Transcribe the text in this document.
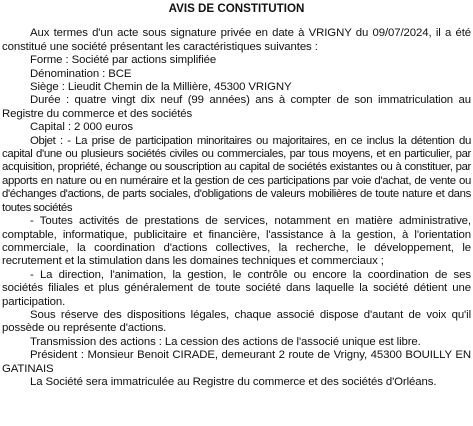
AVIS DE CONSTITUTION

Aux termes d'un acte sous signature privée en date à VRIGNY du 09/07/2024, il a été constitué une société présentant les caractéristiques suivantes :

Forme : Société par actions simplifiée

Dénomination : BCE

Siège : Lieudit Chemin de la Millière, 45300 VRIGNY

Durée : quatre vingt dix neuf (99 années) ans à compter de son immatriculation au Registre du commerce et des sociétés

Capital : 2 000 euros

Objet : - La prise de participation minoritaires ou majoritaires, en ce inclus la détention du capital d'une ou plusieurs sociétés civiles ou commerciales, par tous moyens, et en particulier, par acquisition, propriété, échange ou souscription au capital de sociétés existantes ou à constituer, par apports en nature ou en numéraire et la gestion de ces participations par voie d'achat, de vente ou d'échanges d'actions, de parts sociales, d'obligations de valeurs mobilières de toute nature et dans toutes sociétés

- Toutes activités de prestations de services, notamment en matière administrative, comptable, informatique, publicitaire et financière, l'assistance à la gestion, à l'orientation commerciale, la coordination d'actions collectives, la recherche, le développement, le recrutement et la stimulation dans les domaines techniques et commerciaux ;

- La direction, l'animation, la gestion, le contrôle ou encore la coordination de ses sociétés filiales et plus généralement de toute société dans laquelle la société détient une participation.

Sous réserve des dispositions légales, chaque associé dispose d'autant de voix qu'il possède ou représente d'actions.

Transmission des actions : La cession des actions de l'associé unique est libre.

Président : Monsieur Benoit CIRADE, demeurant 2 route de Vrigny, 45300 BOUILLY EN GATINAIS

La Société sera immatriculée au Registre du commerce et des sociétés d'Orléans.
